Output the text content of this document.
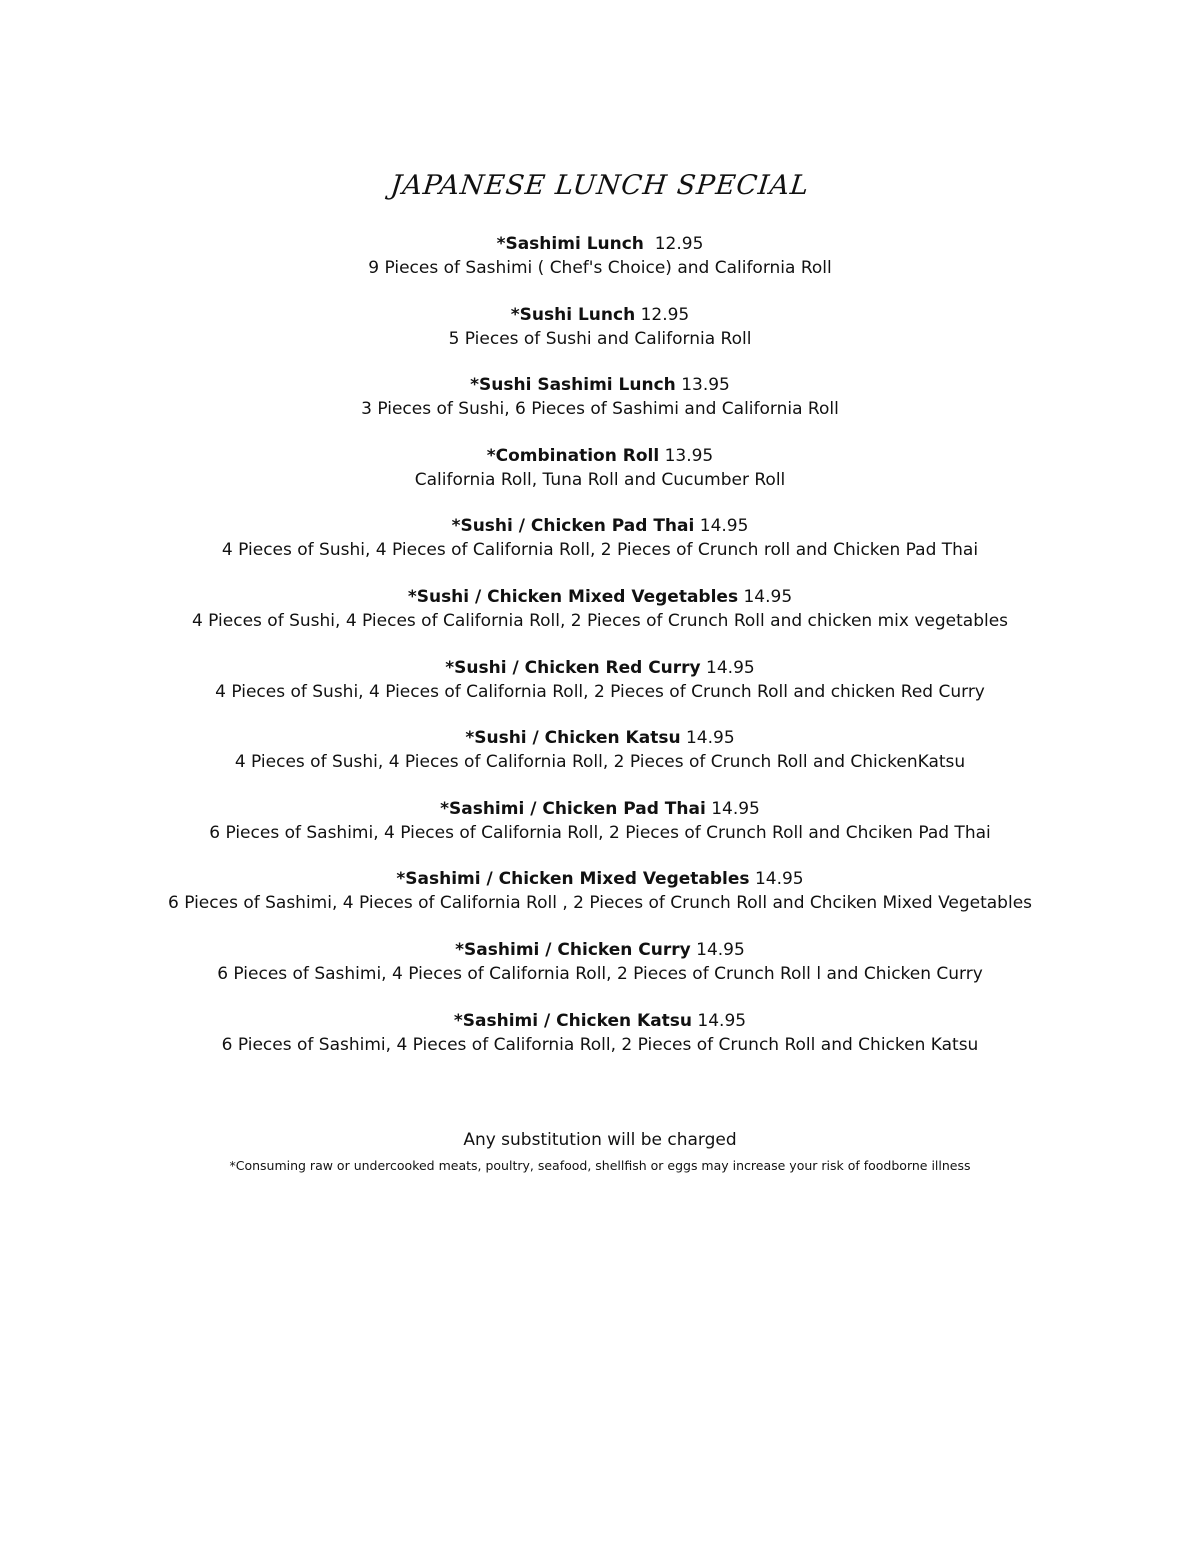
JAPANESE LUNCH SPECIAL
*Sashimi Lunch 12.95
9 Pieces of Sashimi ( Chef's Choice) and California Roll
*Sushi Lunch 12.95
5 Pieces of Sushi and California Roll
*Sushi Sashimi Lunch 13.95
3 Pieces of Sushi, 6 Pieces of Sashimi and California Roll
*Combination Roll 13.95
California Roll, Tuna Roll and Cucumber Roll
*Sushi / Chicken Pad Thai 14.95
4 Pieces of Sushi, 4 Pieces of California Roll, 2 Pieces of Crunch roll and Chicken Pad Thai
*Sushi / Chicken Mixed Vegetables 14.95
4 Pieces of Sushi, 4 Pieces of California Roll, 2 Pieces of Crunch Roll and chicken mix vegetables
*Sushi / Chicken Red Curry 14.95
4 Pieces of Sushi, 4 Pieces of California Roll, 2 Pieces of Crunch Roll and chicken Red Curry
*Sushi / Chicken Katsu 14.95
4 Pieces of Sushi, 4 Pieces of California Roll, 2 Pieces of Crunch Roll and ChickenKatsu
*Sashimi / Chicken Pad Thai 14.95
6 Pieces of Sashimi, 4 Pieces of California Roll, 2 Pieces of Crunch Roll and Chciken Pad Thai
*Sashimi / Chicken Mixed Vegetables 14.95
6 Pieces of Sashimi, 4 Pieces of California Roll , 2 Pieces of Crunch Roll and Chciken Mixed Vegetables
*Sashimi / Chicken Curry 14.95
6 Pieces of Sashimi, 4 Pieces of California Roll, 2 Pieces of Crunch Roll l and Chicken Curry
*Sashimi / Chicken Katsu 14.95
6 Pieces of Sashimi, 4 Pieces of California Roll, 2 Pieces of Crunch Roll and Chicken Katsu
Any substitution will be charged
*Consuming raw or undercooked meats, poultry, seafood, shellfish or eggs may increase your risk of foodborne illness
